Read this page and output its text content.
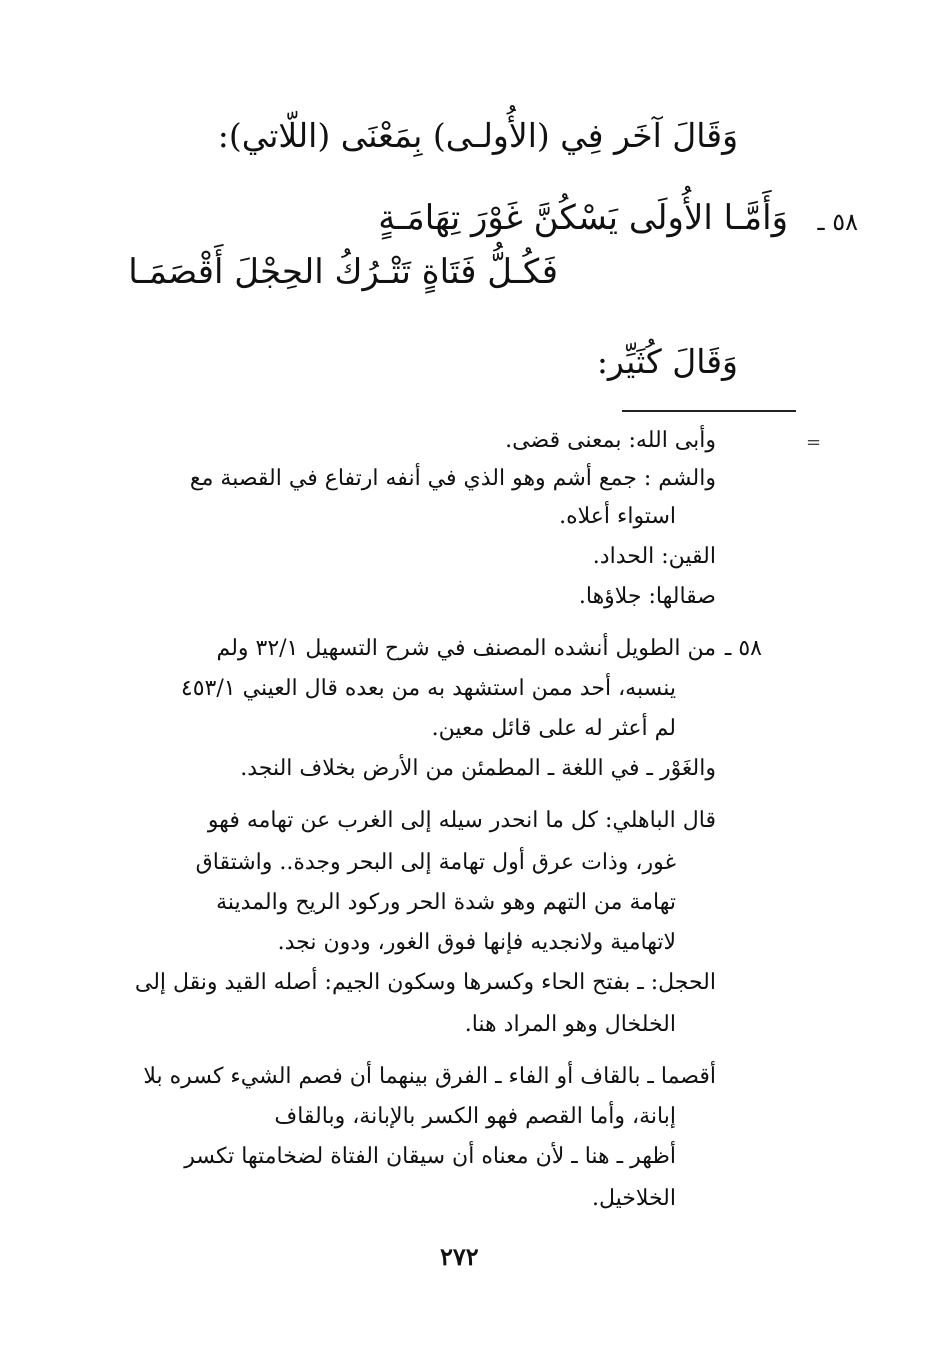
وَقَالَ آخَر فِي (الأُولـى) بِمَعْنَى (اللّاتي):
٥٨ ـ
وَأَمَّـا الأُولَى يَسْكُنَّ غَوْرَ تِهَامَـةٍ
فَكُـلُّ فَتَاةٍ تَتْـرُكُ الحِجْلَ أَقْصَمَـا
وَقَالَ كُثَيِّر:
=
وأبى الله: بمعنى قضى.
والشم : جمع أشم وهو الذي في أنفه ارتفاع في القصبة مع
استواء أعلاه.
القين: الحداد.
صقالها: جلاؤها.
٥٨ ـ
من الطويل أنشده المصنف في شرح التسهيل ٣٢/١ ولم
ينسبه، أحد ممن استشهد به من بعده قال العيني ٤٥٣/١
لم أعثر له على قائل معين.
والغَوْر ـ في اللغة ـ المطمئن من الأرض بخلاف النجد.
قال الباهلي: كل ما انحدر سيله إلى الغرب عن تهامه فهو
غور، وذات عرق أول تهامة إلى البحر وجدة.. واشتقاق
تهامة من التهم وهو شدة الحر وركود الريح والمدينة
لاتهامية ولانجديه فإنها فوق الغور، ودون نجد.
الحجل: ـ بفتح الحاء وكسرها وسكون الجيم: أصله القيد ونقل إلى
الخلخال وهو المراد هنا.
أقصما ـ بالقاف أو الفاء ـ الفرق بينهما أن فصم الشيء كسره بلا
إبانة، وأما القصم فهو الكسر بالإبانة، وبالقاف
أظهر ـ هنا ـ لأن معناه أن سيقان الفتاة لضخامتها تكسر
الخلاخيل.
٢٧٢
